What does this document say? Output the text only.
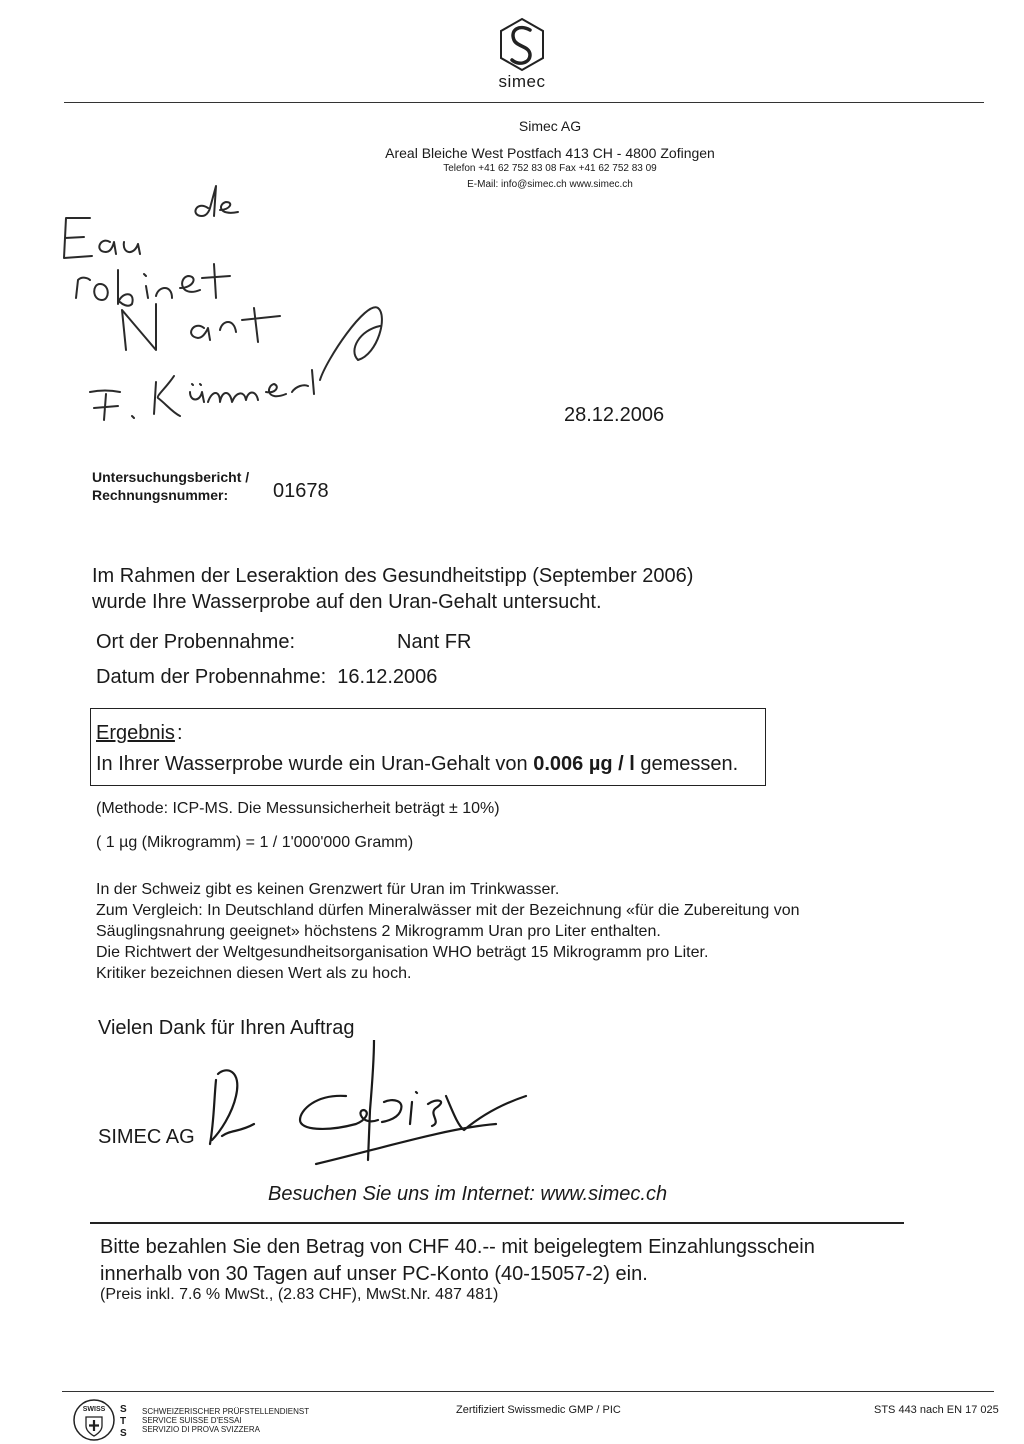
simec
Simec AG
Areal Bleiche West Postfach 413 CH - 4800 Zofingen
Telefon +41 62 752 83 08 Fax +41 62 752 83 09
E-Mail: info@simec.ch www.simec.ch
28.12.2006
Untersuchungsbericht /
Rechnungsnummer:	01678
Im Rahmen der Leseraktion des Gesundheitstipp (September 2006)
wurde Ihre Wasserprobe auf den Uran-Gehalt untersucht.
Ort der Probennahme:	Nant FR
Datum der Probennahme: 16.12.2006
Ergebnis :
In Ihrer Wasserprobe wurde ein Uran-Gehalt von 0.006 µg / l gemessen.
(Methode: ICP-MS. Die Messunsicherheit beträgt ± 10%)
( 1 µg (Mikrogramm) = 1 / 1'000'000 Gramm)
In der Schweiz gibt es keinen Grenzwert für Uran im Trinkwasser.
Zum Vergleich: In Deutschland dürfen Mineralwässer mit der Bezeichnung «für die Zubereitung von
Säuglingsnahrung geeignet» höchstens 2 Mikrogramm Uran pro Liter enthalten.
Die Richtwert der Weltgesundheitsorganisation WHO beträgt 15 Mikrogramm pro Liter.
Kritiker bezeichnen diesen Wert als zu hoch.
Vielen Dank für Ihren Auftrag
SIMEC AG
Besuchen Sie uns im Internet: www.simec.ch
Bitte bezahlen Sie den Betrag von CHF 40.-- mit beigelegtem Einzahlungsschein
innerhalb von 30 Tagen auf unser PC-Konto (40-15057-2) ein.
(Preis inkl. 7.6 % MwSt., (2.83 CHF), MwSt.Nr. 487 481)
SWISS S
T
S
SCHWEIZERISCHER PRÜFSTELLENDIENST
SERVICE SUISSE D'ESSAI
SERVIZIO DI PROVA SVIZZERA
Zertifiziert Swissmedic GMP / PIC	STS 443 nach EN 17 025
